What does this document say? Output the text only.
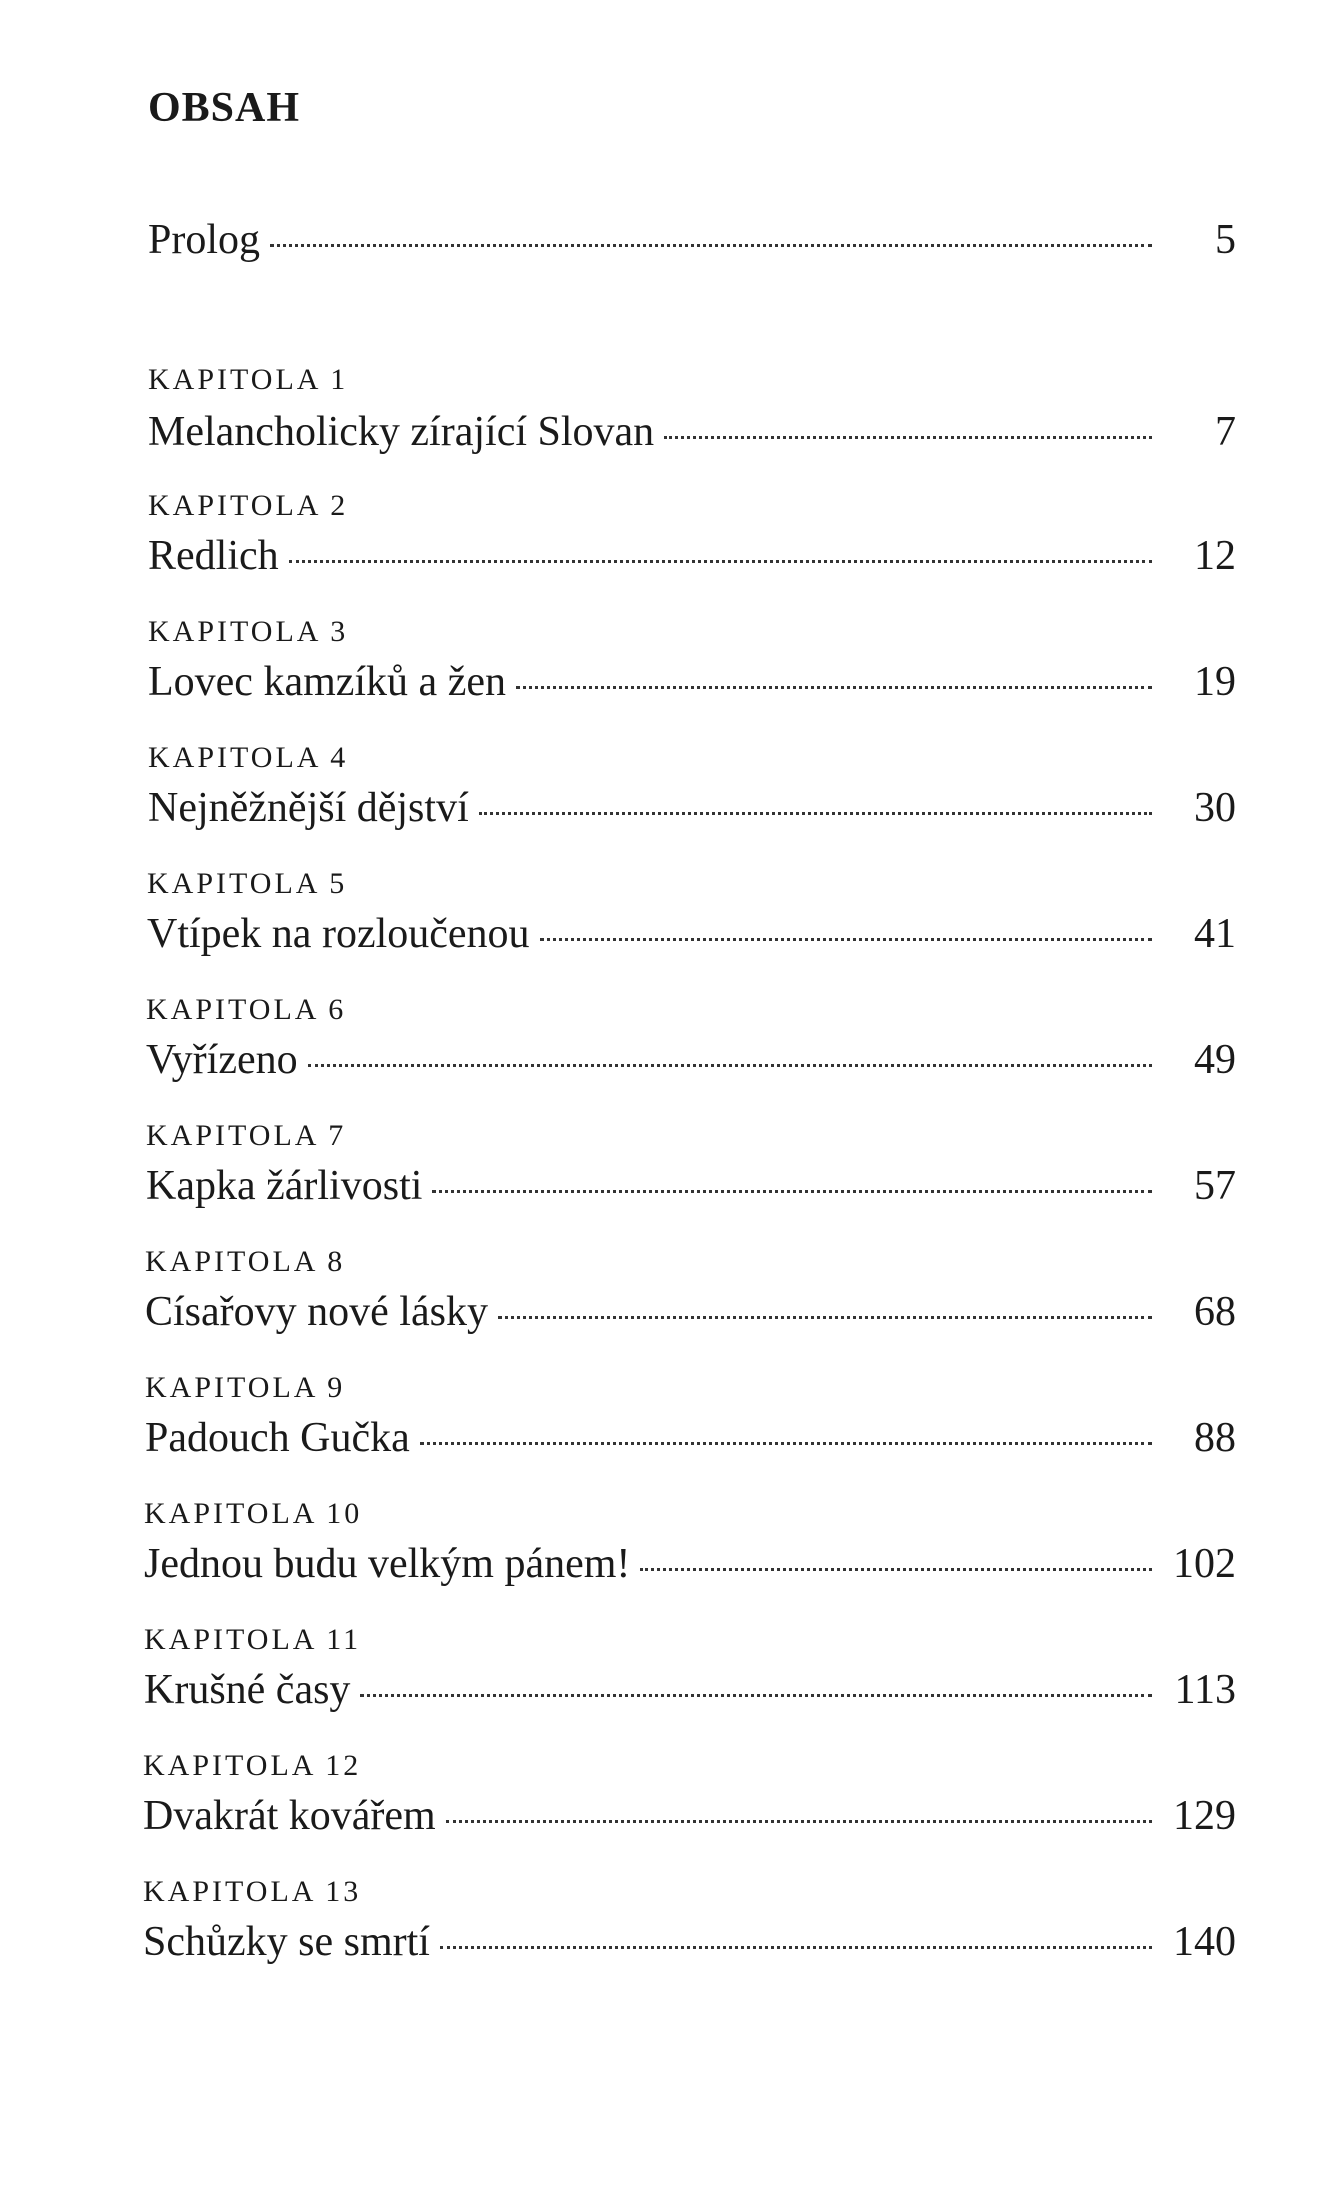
OBSAH
Prolog	5
KAPITOLA 1
Melancholicky zírající Slovan	7
KAPITOLA 2
Redlich	12
KAPITOLA 3
Lovec kamzíků a žen	19
KAPITOLA 4
Nejněžnější dějství	30
KAPITOLA 5
Vtípek na rozloučenou	41
KAPITOLA 6
Vyřízeno	49
KAPITOLA 7
Kapka žárlivosti	57
KAPITOLA 8
Císařovy nové lásky	68
KAPITOLA 9
Padouch Gučka	88
KAPITOLA 10
Jednou budu velkým pánem!	102
KAPITOLA 11
Krušné časy	113
KAPITOLA 12
Dvakrát kovářem	129
KAPITOLA 13
Schůzky se smrtí	140
